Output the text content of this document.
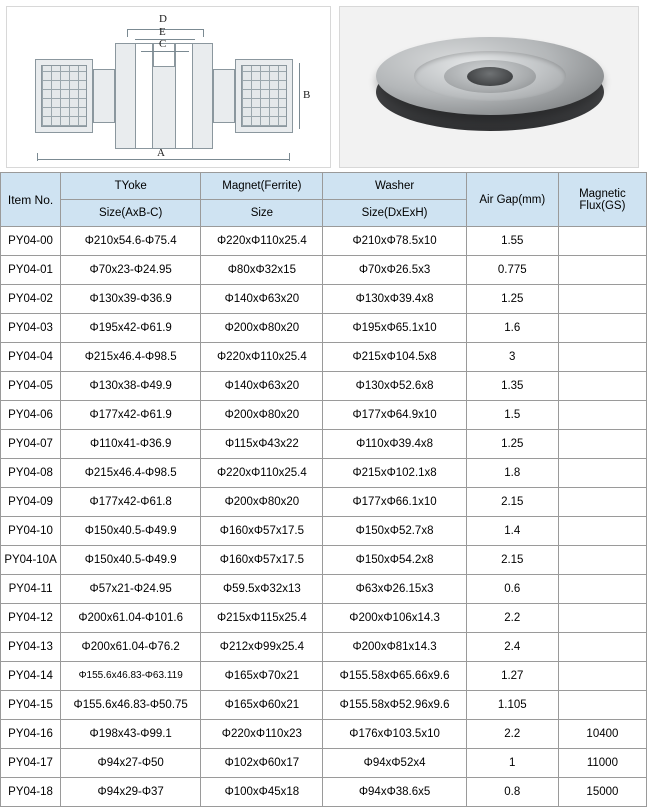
D
E
C
B
A
Item No.	TYoke	Magnet(Ferrite)	Washer	Air Gap(mm)	Magnetic Flux(GS)
	Size(AxB-C)	Size	Size(DxExH)		
PY04-00	Φ210x54.6-Φ75.4	Φ220xΦ110x25.4	Φ210xΦ78.5x10	1.55	
PY04-01	Φ70x23-Φ24.95	Φ80xΦ32x15	Φ70xΦ26.5x3	0.775	
PY04-02	Φ130x39-Φ36.9	Φ140xΦ63x20	Φ130xΦ39.4x8	1.25	
PY04-03	Φ195x42-Φ61.9	Φ200xΦ80x20	Φ195xΦ65.1x10	1.6	
PY04-04	Φ215x46.4-Φ98.5	Φ220xΦ110x25.4	Φ215xΦ104.5x8	3	
PY04-05	Φ130x38-Φ49.9	Φ140xΦ63x20	Φ130xΦ52.6x8	1.35	
PY04-06	Φ177x42-Φ61.9	Φ200xΦ80x20	Φ177xΦ64.9x10	1.5	
PY04-07	Φ110x41-Φ36.9	Φ115xΦ43x22	Φ110xΦ39.4x8	1.25	
PY04-08	Φ215x46.4-Φ98.5	Φ220xΦ110x25.4	Φ215xΦ102.1x8	1.8	
PY04-09	Φ177x42-Φ61.8	Φ200xΦ80x20	Φ177xΦ66.1x10	2.15	
PY04-10	Φ150x40.5-Φ49.9	Φ160xΦ57x17.5	Φ150xΦ52.7x8	1.4	
PY04-10A	Φ150x40.5-Φ49.9	Φ160xΦ57x17.5	Φ150xΦ54.2x8	2.15	
PY04-11	Φ57x21-Φ24.95	Φ59.5xΦ32x13	Φ63xΦ26.15x3	0.6	
PY04-12	Φ200x61.04-Φ101.6	Φ215xΦ115x25.4	Φ200xΦ106x14.3	2.2	
PY04-13	Φ200x61.04-Φ76.2	Φ212xΦ99x25.4	Φ200xΦ81x14.3	2.4	
PY04-14	Φ155.6x46.83-Φ63.119	Φ165xΦ70x21	Φ155.58xΦ65.66x9.6	1.27	
PY04-15	Φ155.6x46.83-Φ50.75	Φ165xΦ60x21	Φ155.58xΦ52.96x9.6	1.105	
PY04-16	Φ198x43-Φ99.1	Φ220xΦ110x23	Φ176xΦ103.5x10	2.2	10400
PY04-17	Φ94x27-Φ50	Φ102xΦ60x17	Φ94xΦ52x4	1	11000
PY04-18	Φ94x29-Φ37	Φ100xΦ45x18	Φ94xΦ38.6x5	0.8	15000
